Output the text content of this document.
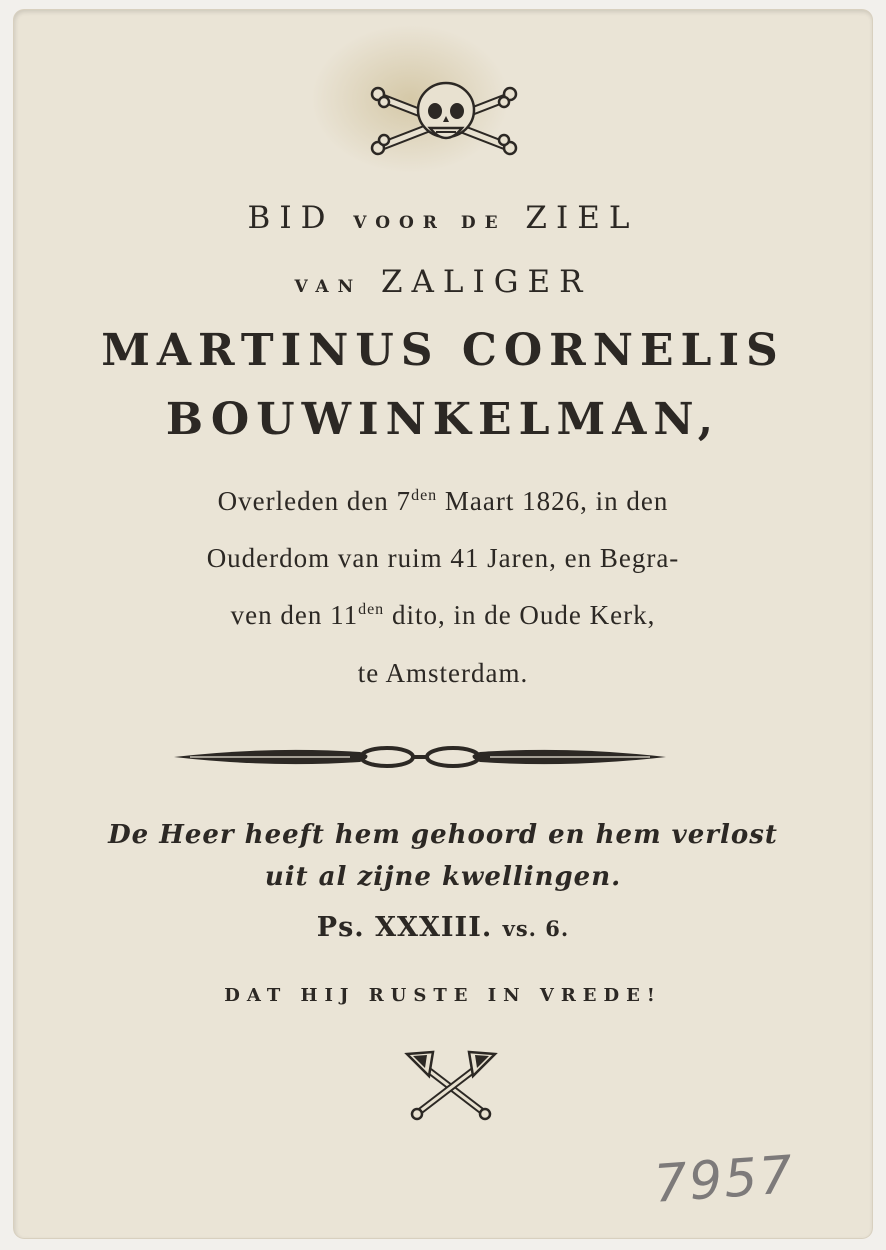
BID VOOR DE ZIEL
VAN ZALIGER
MARTINUS CORNELIS
BOUWINKELMAN,
Overleden den $7^{den}$ Maart 1826, in den
Ouderdom van ruim 41 Jaren, en Begra-
ven den $11^{den}$ dito, in de Oude Kerk,
te Amsterdam.
De Heer heeft hem gehoord en hem verlost
uit al zijne kwellingen.
Ps. XXXIII. vs. 6.
DAT HIJ RUSTE IN VREDE!
7957
